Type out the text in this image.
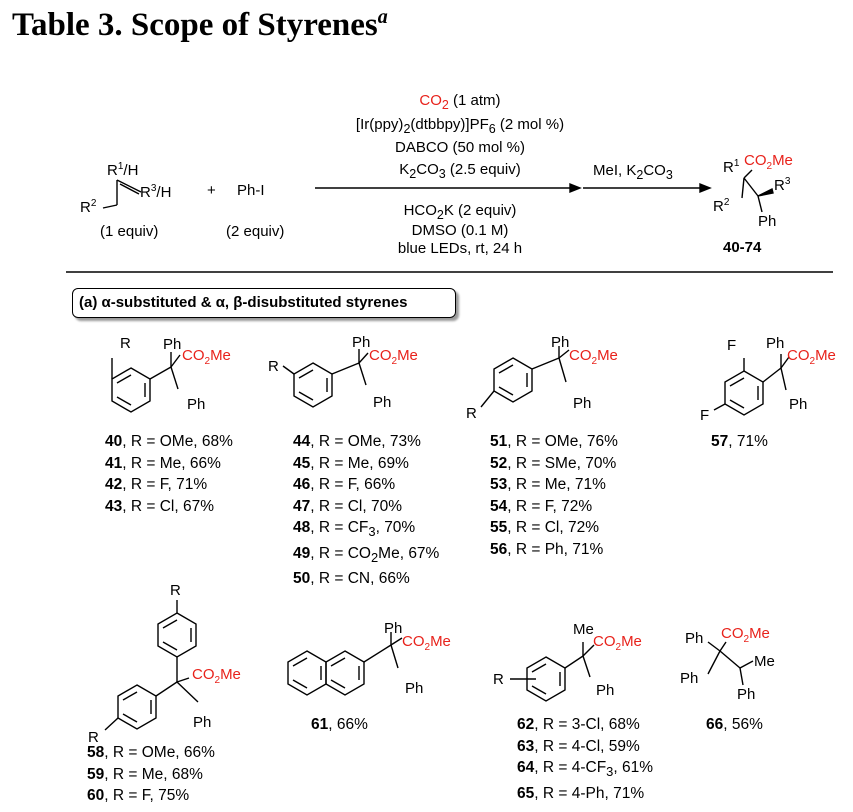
Table 3. Scope of Styrenes$^a$
$CO_2$ (1 atm)
$[Ir(ppy)_2(dtbbpy)]PF_6$ (2 mol %)
DABCO (50 mol %)
$K_2CO_3$ (2.5 equiv)
$HCO_2K$ (2 equiv)
DMSO (0.1 M)
blue LEDs, rt, 24 h
MeI, $K_2CO_3$
(1 equiv)
Ph-I
(2 equiv)
+
40-74
(a) α-substituted & α, β-disubstituted styrenes
40, R = OMe, 68%
41, R = Me, 66%
42, R = F, 71%
43, R = Cl, 67%
44, R = OMe, 73%
45, R = Me, 69%
46, R = F, 66%
47, R = Cl, 70%
48, $R = CF_3$, 70%
49, $R = CO_2Me$, 67%
50, R = CN, 66%
51, R = OMe, 76%
52, R = SMe, 70%
53, R = Me, 71%
54, R = F, 72%
55, R = Cl, 72%
56, R = Ph, 71%
57, 71%
58, R = OMe, 66%
59, R = Me, 68%
60, R = F, 75%
61, 66%	62, R = 3-Cl, 68%
63, R = 4-Cl, 59%
64, $R = 4-CF_3$, 61%
65, R = 4-Ph, 71%
66, 56%
$R^1/H$
$R^2$
$R^3/H$
$R^1$ $CO_2Me$
$R^3$
$R^2$
Ph
R Ph
$CO_2Me$
Ph
R
Ph
$CO_2Me$
Ph
R
Ph
$CO_2Me$
Ph
F
F
Ph
$CO_2Me$
Ph
R
R
$CO_2Me$
Ph
Ph
$CO_2Me$
Ph
R
Me
$CO_2Me$
Ph
Ph $CO_2Me$
Me
Ph
Ph
